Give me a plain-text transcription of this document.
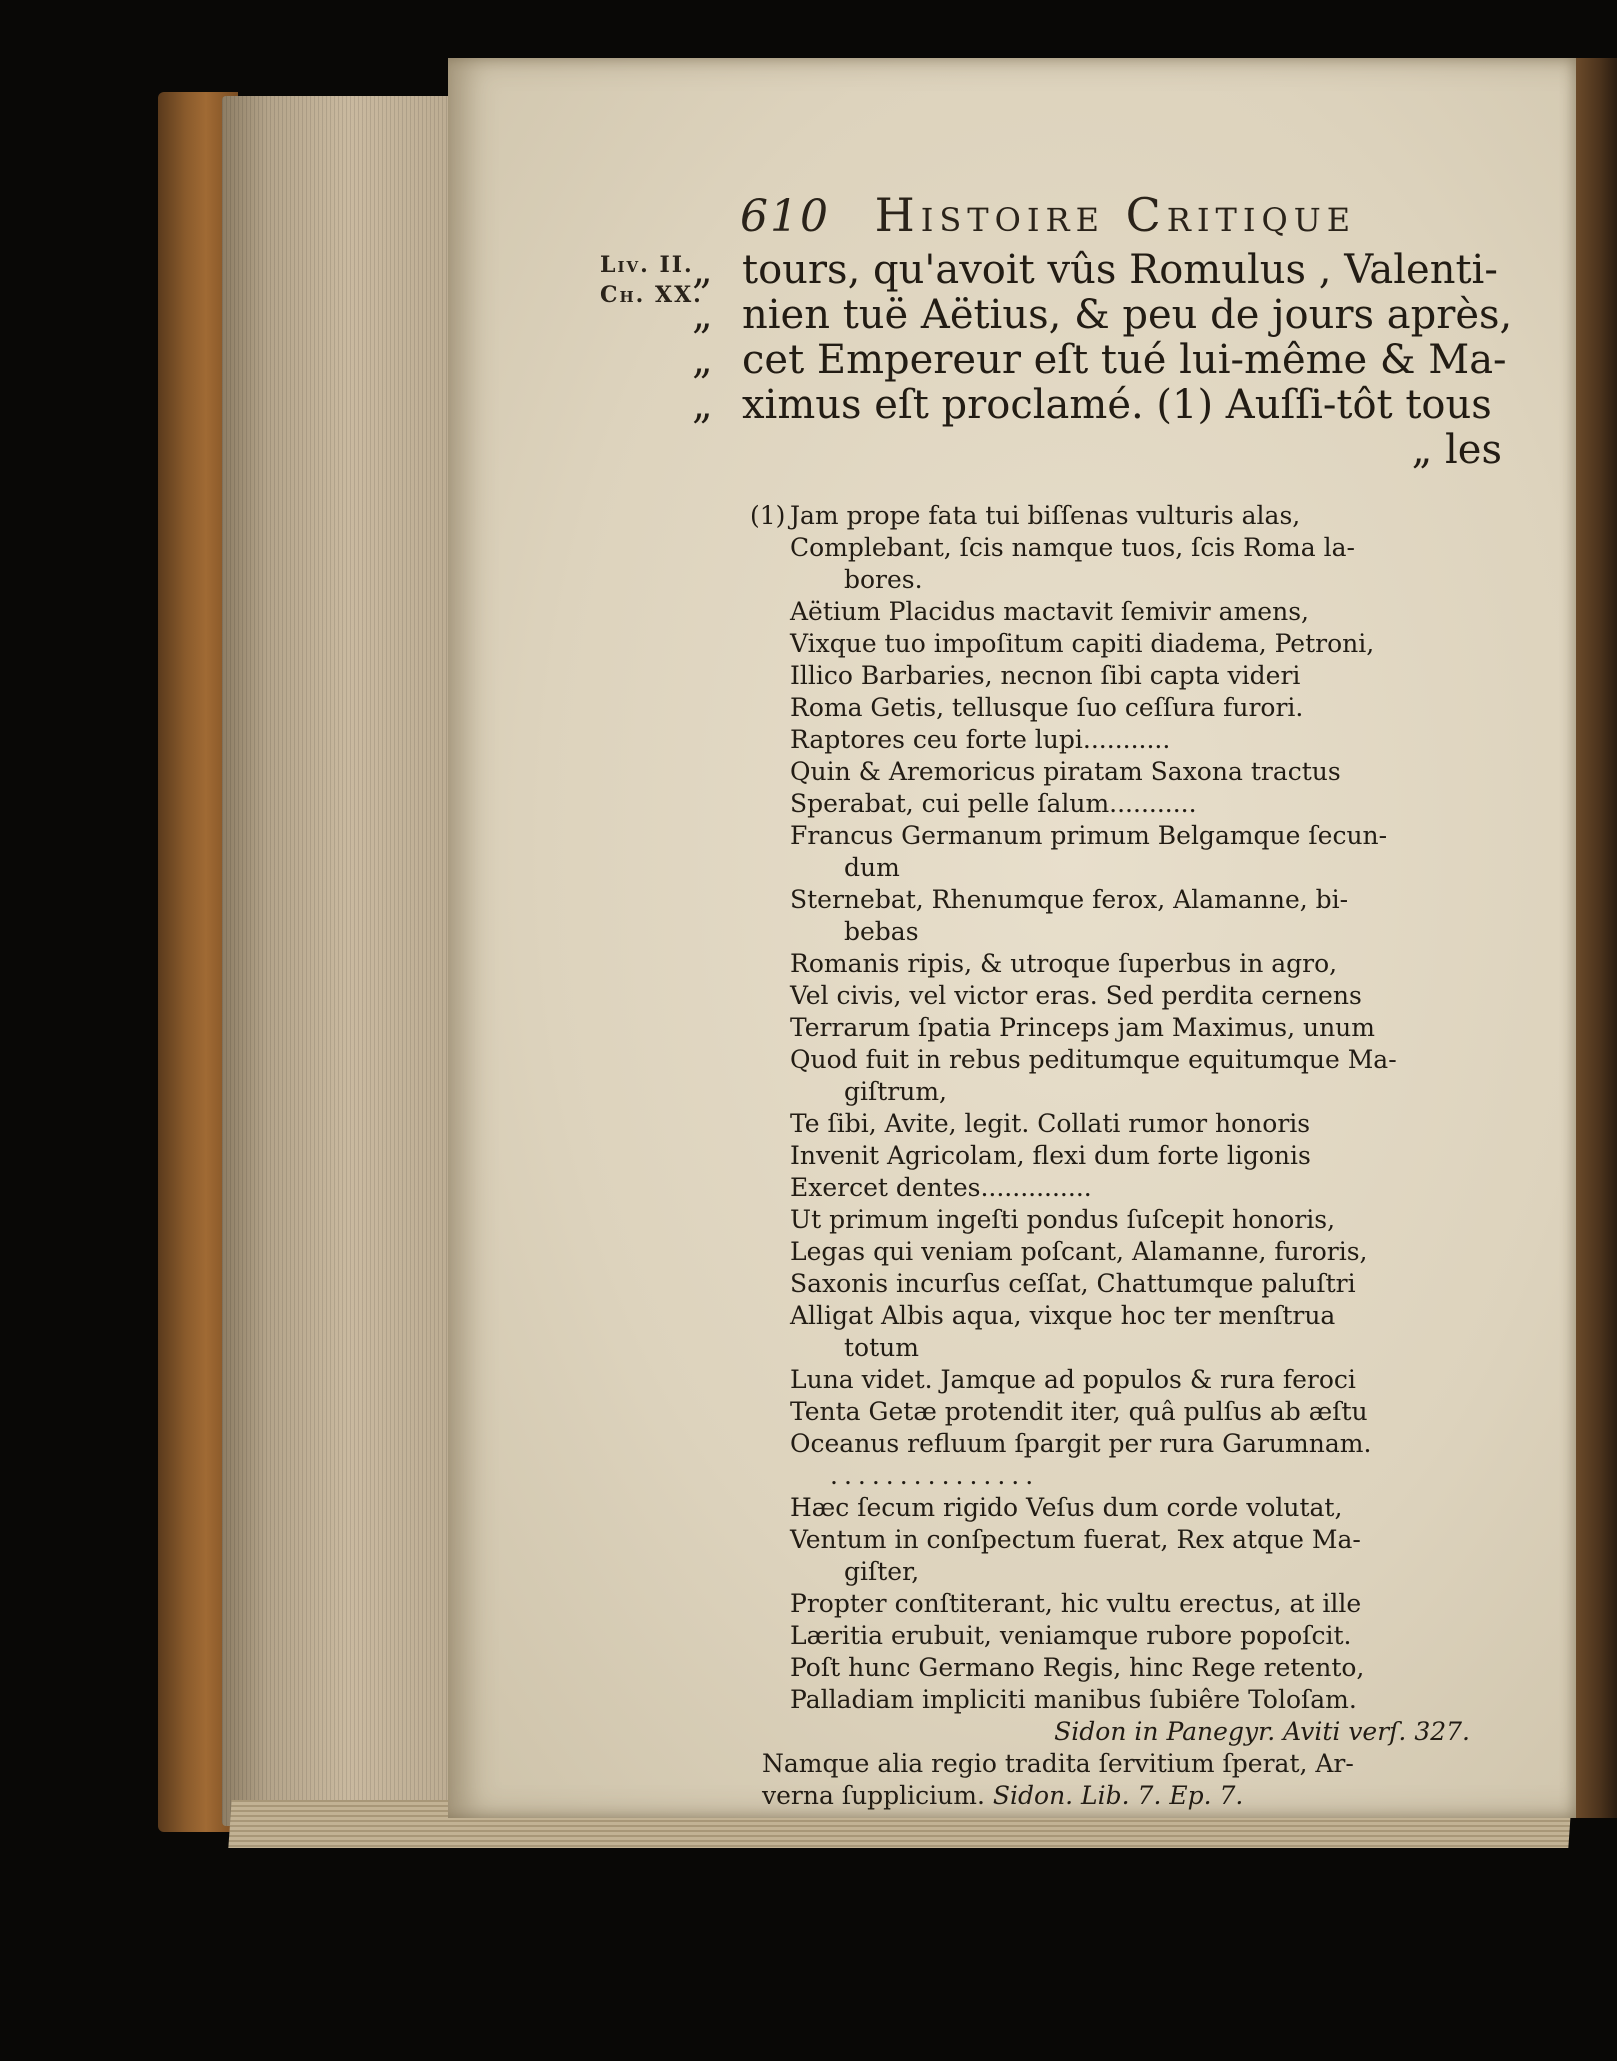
610 Histoire Critique
Liv. II.
Ch. XX.
„ tours, qu'avoit vûs Romulus , Valenti-
„ nien tuë Aëtius, & peu de jours après,
„ cet Empereur eſt tué lui-même & Ma-
„ ximus eſt proclamé. (1) Auſſi-tôt tous
„ les
(1) Jam prope fata tui biſſenas vulturis alas,
Complebant, ſcis namque tuos, ſcis Roma la-
bores.
Aëtium Placidus mactavit ſemivir amens,
Vixque tuo impoſitum capiti diadema, Petroni,
Illico Barbaries, necnon ſibi capta videri
Roma Getis, tellusque ſuo ceſſura furori.
Raptores ceu forte lupi...........
Quin & Aremoricus piratam Saxona tractus
Sperabat, cui pelle ſalum...........
Francus Germanum primum Belgamque ſecun-
dum
Sternebat, Rhenumque ferox, Alamanne, bi-
bebas
Romanis ripis, & utroque ſuperbus in agro,
Vel civis, vel victor eras. Sed perdita cernens
Terrarum ſpatia Princeps jam Maximus, unum
Quod fuit in rebus peditumque equitumque Ma-
giſtrum,
Te ſibi, Avite, legit. Collati rumor honoris
Invenit Agricolam, flexi dum forte ligonis
Exercet dentes..............
Ut primum ingeſti pondus ſuſcepit honoris,
Legas qui veniam poſcant, Alamanne, furoris,
Saxonis incurſus ceſſat, Chattumque paluſtri
Alligat Albis aqua, vixque hoc ter menſtrua
totum
Luna videt. Jamque ad populos & rura feroci
Tenta Getæ protendit iter, quâ pulſus ab æſtu
Oceanus refluum ſpargit per rura Garumnam.
...............
Hæc ſecum rigido Veſus dum corde volutat,
Ventum in conſpectum fuerat, Rex atque Ma-
giſter,
Propter conſtiterant, hic vultu erectus, at ille
Læritia erubuit, veniamque rubore popoſcit.
Poſt hunc Germano Regis, hinc Rege retento,
Palladiam impliciti manibus ſubiêre Toloſam.
Sidon in Panegyr. Aviti verſ. 327.
Namque alia regio tradita ſervitium ſperat, Ar-
verna ſupplicium. Sidon. Lib. 7. Ep. 7.
